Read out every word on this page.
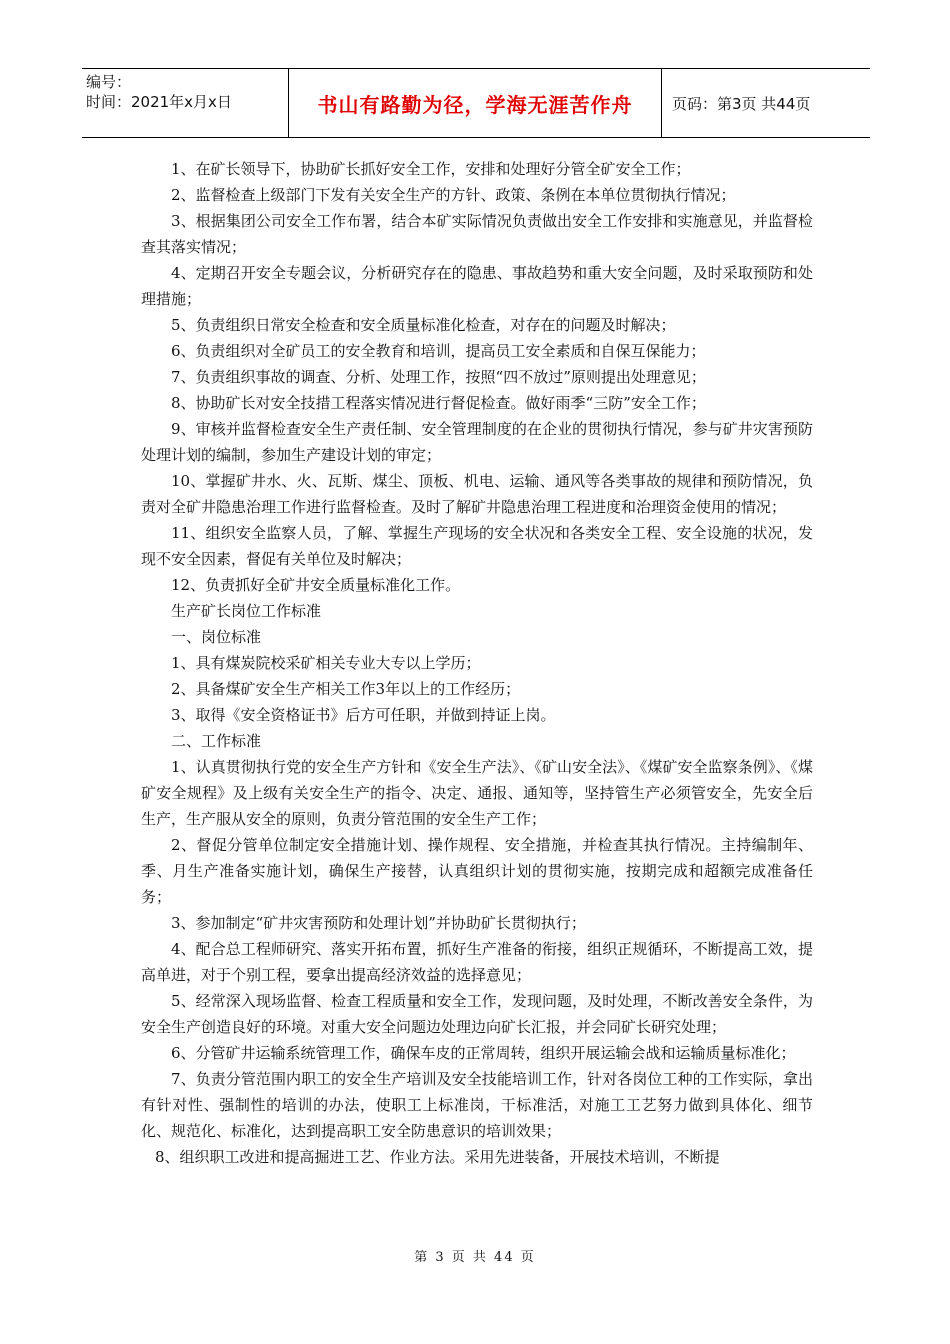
编号：
时间：2021年x月x日	书山有路勤为径，学海无涯苦作舟	页码：第3页 共44页

1、在矿长领导下，协助矿长抓好安全工作，安排和处理好分管全矿安全工作；

2、监督检查上级部门下发有关安全生产的方针、政策、条例在本单位贯彻执行情况；

3、根据集团公司安全工作布署，结合本矿实际情况负责做出安全工作安排和实施意见，并监督检查其落实情况；

4、定期召开安全专题会议，分析研究存在的隐患、事故趋势和重大安全问题，及时采取预防和处理措施；

5、负责组织日常安全检查和安全质量标准化检查，对存在的问题及时解决；

6、负责组织对全矿员工的安全教育和培训，提高员工安全素质和自保互保能力；

7、负责组织事故的调查、分析、处理工作，按照“四不放过”原则提出处理意见；

8、协助矿长对安全技措工程落实情况进行督促检查。做好雨季“三防”安全工作；

9、审核并监督检查安全生产责任制、安全管理制度的在企业的贯彻执行情况，参与矿井灾害预防处理计划的编制，参加生产建设计划的审定；

10、掌握矿井水、火、瓦斯、煤尘、顶板、机电、运输、通风等各类事故的规律和预防情况，负责对全矿井隐患治理工作进行监督检查。及时了解矿井隐患治理工程进度和治理资金使用的情况；

11、组织安全监察人员，了解、掌握生产现场的安全状况和各类安全工程、安全设施的状况，发现不安全因素，督促有关单位及时解决；

12、负责抓好全矿井安全质量标准化工作。

生产矿长岗位工作标准

一、岗位标准

1、具有煤炭院校采矿相关专业大专以上学历；

2、具备煤矿安全生产相关工作3年以上的工作经历；

3、取得《安全资格证书》后方可任职，并做到持证上岗。

二、工作标准

1、认真贯彻执行党的安全生产方针和《安全生产法》、《矿山安全法》、《煤矿安全监察条例》、《煤矿安全规程》及上级有关安全生产的指令、决定、通报、通知等，坚持管生产必须管安全，先安全后生产，生产服从安全的原则，负责分管范围的安全生产工作；

2、督促分管单位制定安全措施计划、操作规程、安全措施，并检查其执行情况。主持编制年、季、月生产准备实施计划，确保生产接替，认真组织计划的贯彻实施，按期完成和超额完成准备任务；

3、参加制定“矿井灾害预防和处理计划”并协助矿长贯彻执行；

4、配合总工程师研究、落实开拓布置，抓好生产准备的衔接，组织正规循环，不断提高工效，提高单进，对于个别工程，要拿出提高经济效益的选择意见；

5、经常深入现场监督、检查工程质量和安全工作，发现问题，及时处理，不断改善安全条件，为安全生产创造良好的环境。对重大安全问题边处理边向矿长汇报，并会同矿长研究处理；

6、分管矿井运输系统管理工作，确保车皮的正常周转，组织开展运输会战和运输质量标准化；

7、负责分管范围内职工的安全生产培训及安全技能培训工作，针对各岗位工种的工作实际，拿出有针对性、强制性的培训的办法，使职工上标准岗，干标准活，对施工工艺努力做到具体化、细节化、规范化、标准化，达到提高职工安全防患意识的培训效果；

8、组织职工改进和提高掘进工艺、作业方法。采用先进装备，开展技术培训，不断提

第 3 页 共 44 页
